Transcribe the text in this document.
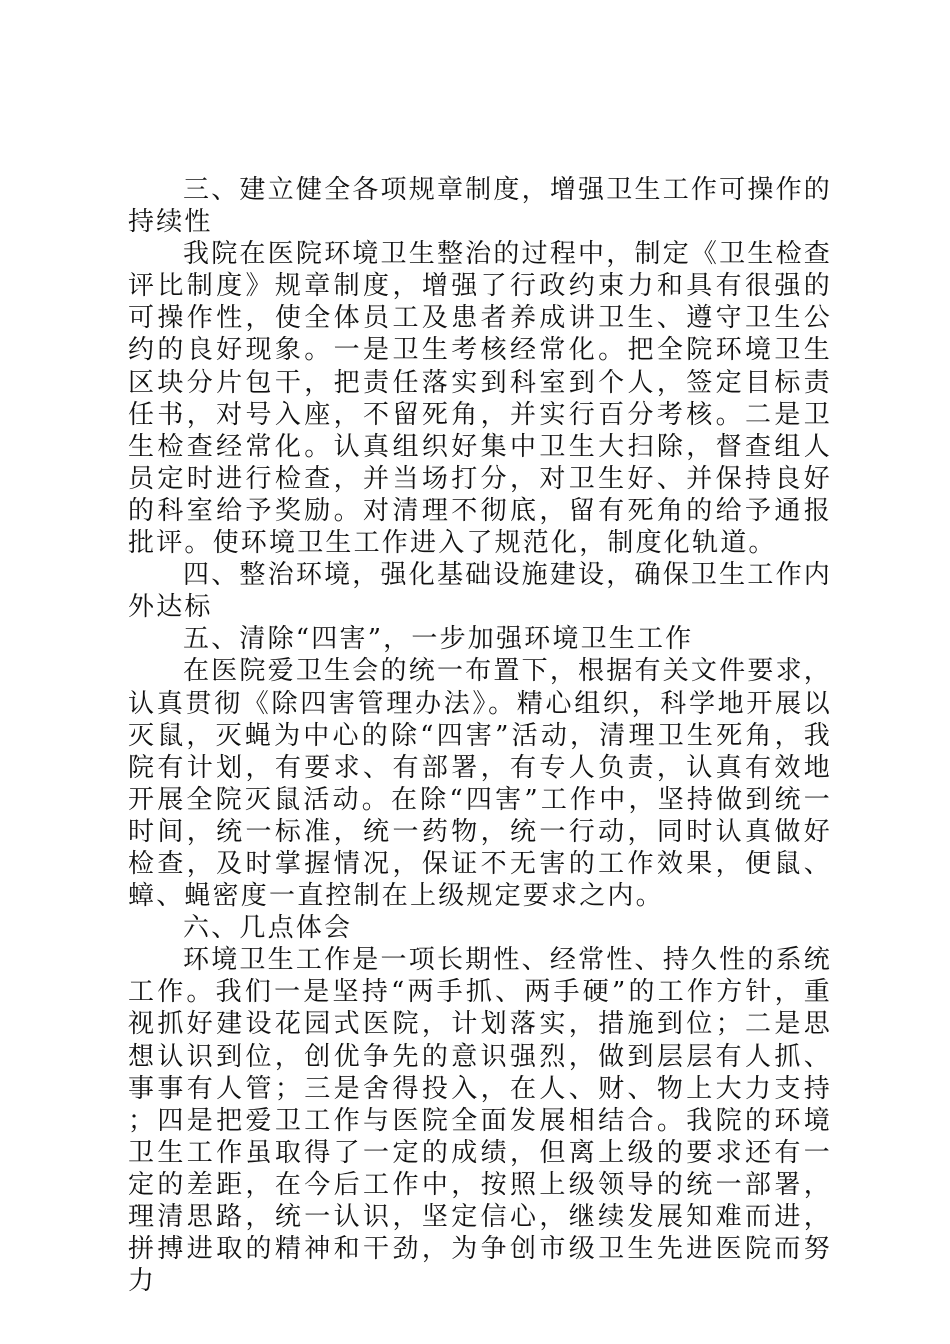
三、建立健全各项规章制度，增强卫生工作可操作的持续性

我院在医院环境卫生整治的过程中，制定《卫生检查评比制度》规章制度，增强了行政约束力和具有很强的可操作性，使全体员工及患者养成讲卫生、遵守卫生公约的良好现象。一是卫生考核经常化。把全院环境卫生区块分片包干，把责任落实到科室到个人，签定目标责任书，对号入座，不留死角，并实行百分考核。二是卫生检查经常化。认真组织好集中卫生大扫除，督查组人员定时进行检查，并当场打分，对卫生好、并保持良好的科室给予奖励。对清理不彻底，留有死角的给予通报批评。使环境卫生工作进入了规范化，制度化轨道。

四、整治环境，强化基础设施建设，确保卫生工作内外达标

五、清除“四害”，一步加强环境卫生工作

在医院爱卫生会的统一布置下，根据有关文件要求，认真贯彻《除四害管理办法》。精心组织，科学地开展以灭鼠，灭蝇为中心的除“四害”活动，清理卫生死角，我院有计划，有要求、有部署，有专人负责，认真有效地开展全院灭鼠活动。在除“四害”工作中，坚持做到统一时间，统一标准，统一药物，统一行动，同时认真做好检查，及时掌握情况，保证不无害的工作效果，便鼠、蟑、蝇密度一直控制在上级规定要求之内。

六、几点体会

环境卫生工作是一项长期性、经常性、持久性的系统工作。我们一是坚持“两手抓、两手硬”的工作方针，重视抓好建设花园式医院，计划落实，措施到位；二是思想认识到位，创优争先的意识强烈，做到层层有人抓、事事有人管；三是舍得投入，在人、财、物上大力支持；四是把爱卫工作与医院全面发展相结合。我院的环境卫生工作虽取得了一定的成绩，但离上级的要求还有一定的差距，在今后工作中，按照上级领导的统一部署，理清思路，统一认识，坚定信心，继续发展知难而进，拼搏进取的精神和干劲，为争创市级卫生先进医院而努力
